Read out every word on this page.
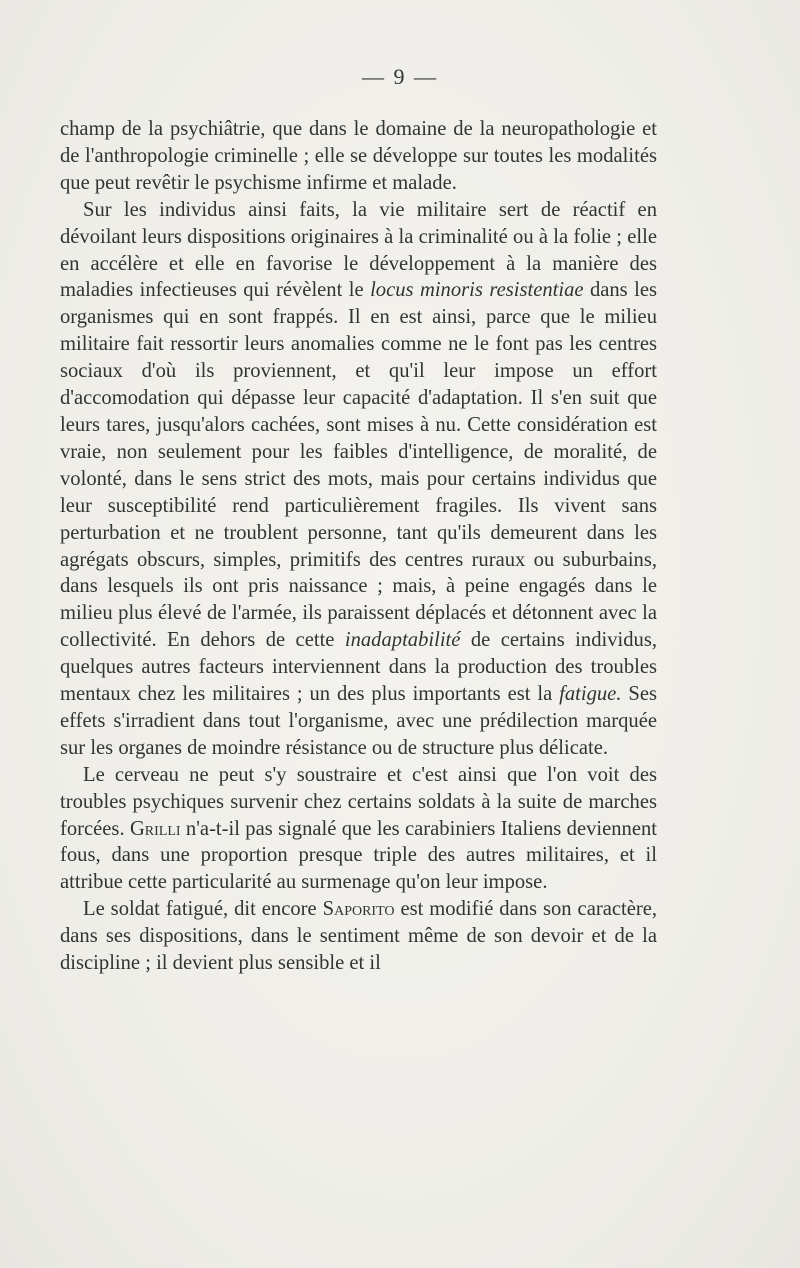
— 9 —

champ de la psychiâtrie, que dans le domaine de la neuropathologie et de l'anthropologie criminelle ; elle se développe sur toutes les modalités que peut revêtir le psychisme infirme et malade.

Sur les individus ainsi faits, la vie militaire sert de réactif en dévoilant leurs dispositions originaires à la criminalité ou à la folie ; elle en accélère et elle en favorise le développement à la manière des maladies infectieuses qui révèlent le locus minoris resistentiae dans les organismes qui en sont frappés. Il en est ainsi, parce que le milieu militaire fait ressortir leurs anomalies comme ne le font pas les centres sociaux d'où ils proviennent, et qu'il leur impose un effort d'accomodation qui dépasse leur capacité d'adaptation. Il s'en suit que leurs tares, jusqu'alors cachées, sont mises à nu. Cette considération est vraie, non seulement pour les faibles d'intelligence, de moralité, de volonté, dans le sens strict des mots, mais pour certains individus que leur susceptibilité rend particulièrement fragiles. Ils vivent sans perturbation et ne troublent personne, tant qu'ils demeurent dans les agrégats obscurs, simples, primitifs des centres ruraux ou suburbains, dans lesquels ils ont pris naissance ; mais, à peine engagés dans le milieu plus élevé de l'armée, ils paraissent déplacés et détonnent avec la collectivité. En dehors de cette inadaptabilité de certains individus, quelques autres facteurs interviennent dans la production des troubles mentaux chez les militaires ; un des plus importants est la fatigue. Ses effets s'irradient dans tout l'organisme, avec une prédilection marquée sur les organes de moindre résistance ou de structure plus délicate.

Le cerveau ne peut s'y soustraire et c'est ainsi que l'on voit des troubles psychiques survenir chez certains soldats à la suite de marches forcées. Grilli n'a-t-il pas signalé que les carabiniers Italiens deviennent fous, dans une proportion presque triple des autres militaires, et il attribue cette particularité au surmenage qu'on leur impose.

Le soldat fatigué, dit encore Saporito est modifié dans son caractère, dans ses dispositions, dans le sentiment même de son devoir et de la discipline ; il devient plus sensible et il
